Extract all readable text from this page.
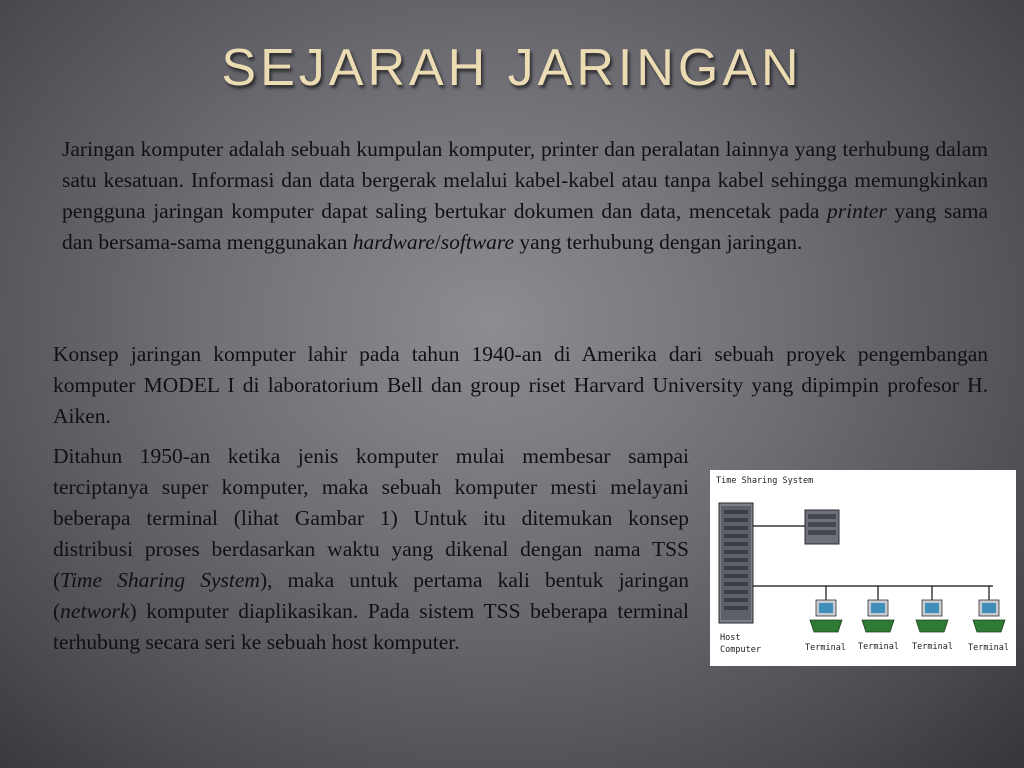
SEJARAH JARINGAN
Jaringan komputer adalah sebuah kumpulan komputer, printer dan peralatan lainnya yang terhubung dalam satu kesatuan. Informasi dan data bergerak melalui kabel-kabel atau tanpa kabel sehingga memungkinkan pengguna jaringan komputer dapat saling bertukar dokumen dan data, mencetak pada printer yang sama dan bersama-sama menggunakan hardware/software yang terhubung dengan jaringan.
Konsep jaringan komputer lahir pada tahun 1940-an di Amerika dari sebuah proyek pengembangan komputer MODEL I di laboratorium Bell dan group riset Harvard University yang dipimpin profesor H. Aiken.
Ditahun 1950-an ketika jenis komputer mulai membesar sampai terciptanya super komputer, maka sebuah komputer mesti melayani beberapa terminal (lihat Gambar 1) Untuk itu ditemukan konsep distribusi proses berdasarkan waktu yang dikenal dengan nama TSS (Time Sharing System), maka untuk pertama kali bentuk jaringan (network) komputer diaplikasikan. Pada sistem TSS beberapa terminal terhubung secara seri ke sebuah host komputer.
Time Sharing System
Host
Computer	Terminal Terminal Terminal Terminal
